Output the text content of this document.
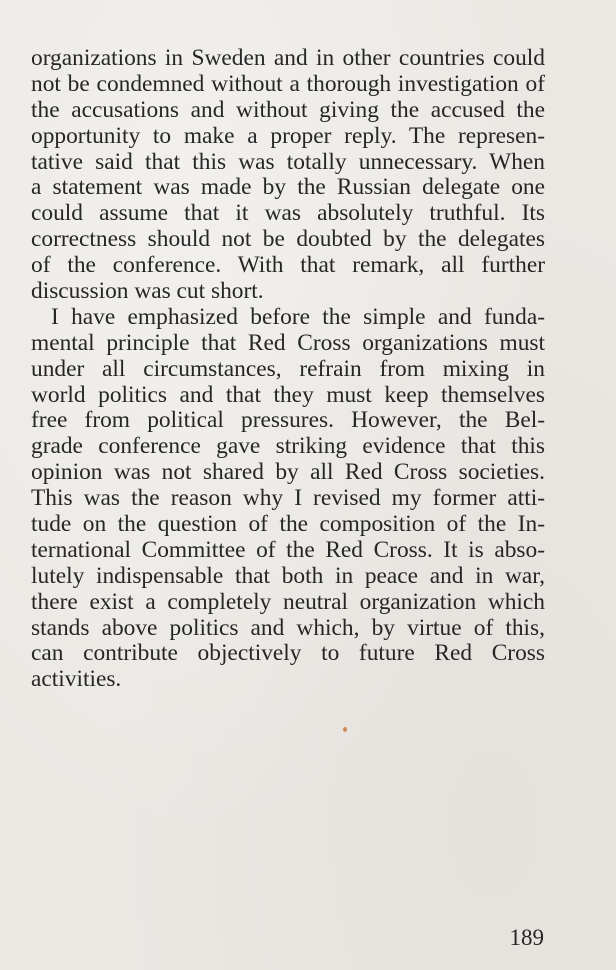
organizations in Sweden and in other countries could
not be condemned without a thorough investigation of
the accusations and without giving the accused the
opportunity to make a proper reply. The represen-
tative said that this was totally unnecessary. When
a statement was made by the Russian delegate one
could assume that it was absolutely truthful. Its
correctness should not be doubted by the delegates
of the conference. With that remark, all further
discussion was cut short.
I have emphasized before the simple and funda-
mental principle that Red Cross organizations must
under all circumstances, refrain from mixing in
world politics and that they must keep themselves
free from political pressures. However, the Bel-
grade conference gave striking evidence that this
opinion was not shared by all Red Cross societies.
This was the reason why I revised my former atti-
tude on the question of the composition of the In-
ternational Committee of the Red Cross. It is abso-
lutely indispensable that both in peace and in war,
there exist a completely neutral organization which
stands above politics and which, by virtue of this,
can contribute objectively to future Red Cross
activities.
189
